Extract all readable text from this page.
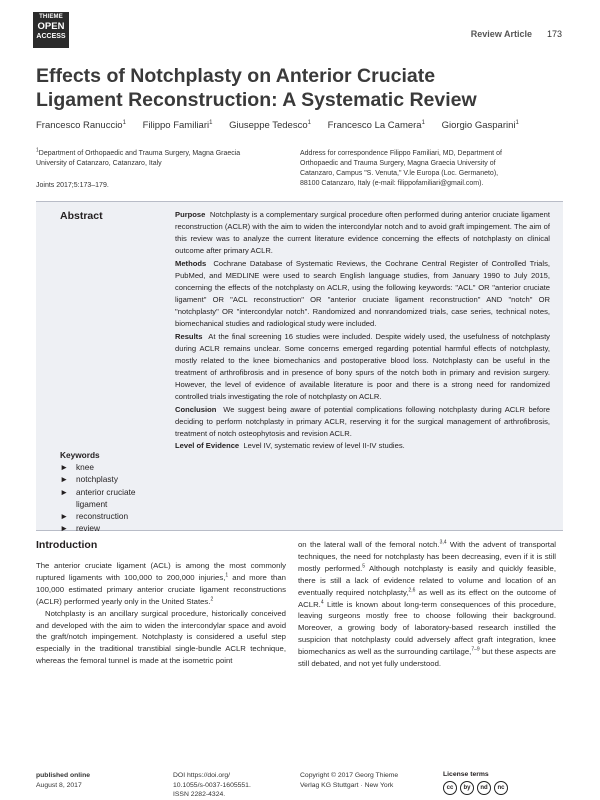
THIEME
OPEN
ACCESS	Review Article 173
Effects of Notchplasty on Anterior Cruciate
Ligament Reconstruction: A Systematic Review
Francesco Ranuccio$^1$ Filippo Familiari$^1$ Giuseppe Tedesco$^1$ Francesco La Camera$^1$ Giorgio Gasparini$^1$
$^1$Department of Orthopaedic and Trauma Surgery, Magna Graecia
University of Catanzaro, Catanzaro, Italy
Address for correspondence Filippo Familiari, MD, Department of
Orthopaedic and Trauma Surgery, Magna Graecia University of
Catanzaro, Campus "S. Venuta," V.le Europa (Loc. Germaneto),
88100 Catanzaro, Italy (e-mail: filippofamiliari@gmail.com).
Joints 2017;5:173–179.
Abstract	Purpose Notchplasty is a complementary surgical procedure often performed during anterior cruciate ligament reconstruction (ACLR) with the aim to widen the intercondylar notch and to avoid graft impingement. The aim of this review was to analyze the current literature evidence concerning the effects of notchplasty on clinical outcome after primary ACLR.

Methods Cochrane Database of Systematic Reviews, the Cochrane Central Register of Controlled Trials, PubMed, and MEDLINE were used to search English language studies, from January 1990 to July 2015, concerning the effects of the notchplasty on ACLR, using the following keywords: "ACL" OR "anterior cruciate ligament" OR "ACL reconstruction" OR "anterior cruciate ligament reconstruction" AND "notch" OR "notchplasty" OR "intercondylar notch". Randomized and nonrandomized trials, case series, technical notes, biomechanical studies and radiological study were included.

Results At the final screening 16 studies were included. Despite widely used, the usefulness of notchplasty during ACLR remains unclear. Some concerns emerged regarding potential harmful effects of notchplasty, mostly related to the knee biomechanics and postoperative blood loss. Notchplasty can be useful in the treatment of arthrofibrosis and in presence of bony spurs of the notch both in primary and revision surgery. However, the level of evidence of available literature is poor and there is a strong need for randomized controlled trials investigating the role of notchplasty on ACLR.

Conclusion We suggest being aware of potential complications following notchplasty during ACLR before deciding to perform notchplasty in primary ACLR, reserving it for the surgical management of arthrofibrosis, treatment of notch osteophytosis and revision ACLR.

Level of Evidence Level IV, systematic review of level II-IV studies.

Keywords
► knee
► notchplasty
► anterior cruciate ligament
► reconstruction
► review
Introduction

The anterior cruciate ligament (ACL) is among the most commonly ruptured ligaments with 100,000 to 200,000 injuries,$^1$ and more than 100,000 estimated primary anterior cruciate ligament reconstructions (ACLR) performed yearly only in the United States.$^2$

Notchplasty is an ancillary surgical procedure, historically conceived and developed with the aim to widen the intercondylar space and avoid the graft/notch impingement. Notchplasty is considered a useful step especially in the traditional transtibial single-bundle ACLR technique, whereas the femoral tunnel is made at the isometric point

on the lateral wall of the femoral notch.$^{3,4}$ With the advent of transportal techniques, the need for notchplasty has been decreasing, even if it is still mostly performed.$^5$ Although notchplasty is easily and quickly feasible, there is still a lack of evidence related to volume and location of an eventually required notchplasty,$^{2,6}$ as well as its effect on the outcome of ACLR.$^4$ Little is known about long-term consequences of this procedure, leaving surgeons mostly free to choose following their background. Moreover, a growing body of laboratory-based research instilled the suspicion that notchplasty could adversely affect graft integration, knee biomechanics as well as the surrounding cartilage,$^{7-9}$ but these aspects are still debated, and not yet fully understood.

published online
August 8, 2017
DOI https://doi.org/
10.1055/s-0037-1605551.
ISSN 2282-4324.
Copyright © 2017 Georg Thieme
Verlag KG Stuttgart · New York
License terms
cc	by	nd	nc
